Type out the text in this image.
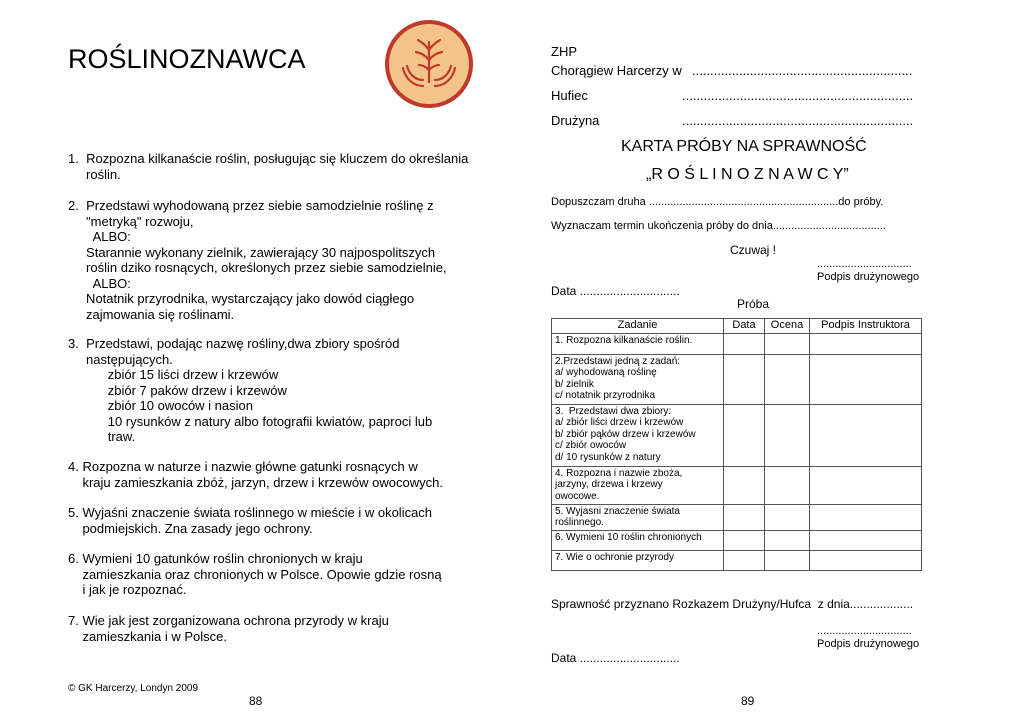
ROŚLINOZNAWCA
1.  Rozpozna kilkanaście roślin, posługując się kluczem do określania
roślin.
2.  Przedstawi wyhodowaną przez siebie samodzielnie roślinę z
"metryką" rozwoju,
ALBO:
Starannie wykonany zielnik, zawierający 30 najpospolitszych
roślin dziko rosnących, określonych przez siebie samodzielnie,
ALBO:
Notatnik przyrodnika, wystarczający jako dowód ciągłego
zajmowania się roślinami.
3.  Przedstawi, podając nazwę rośliny,dwa zbiory spośród
następujących.
zbiór 15 liści drzew i krzewów
zbiór 7 paków drzew i krzewów
zbiór 10 owoców i nasion
10 rysunków z natury albo fotografii kwiatów, paproci lub
traw.
4. Rozpozna w naturze i nazwie główne gatunki rosnących w
kraju zamieszkania zbóż, jarzyn, drzew i krzewów owocowych.
5. Wyjaśni znaczenie świata roślinnego w mieście i w okolicach
podmiejskich. Zna zasady jego ochrony.
6. Wymieni 10 gatunków roślin chronionych w kraju
zamieszkania oraz chronionych w Polsce. Opowie gdzie rosną
i jak je rozpoznać.
7. Wie jak jest zorganizowana ochrona przyrody w kraju
zamieszkania i w Polsce.
© GK Harcerzy, Londyn 2009
88
ZHP
Chorągiew Harcerzy w .............................................................
Hufiec	................................................................
Drużyna	................................................................
KARTA PRÓBY NA SPRAWNOŚĆ
„R O Ś L I N O Z N A W C Y”
Dopuszczam druha ..............................................................do próby.
Wyznaczam termin ukończenia próby do dnia.....................................
Czuwaj !
...............................
Podpis drużynowego
Data ..............................
Próba
Zadanie	Data	Ocena	Podpis Instruktora
1. Rozpozna kilkanaście roślin.			
2.Przedstawi jedną z zadań:
a/ wyhodowaną roślinę
b/ zielnik
c/ notatnik przyrodnika			
3.  Przedstawi dwa zbiory:
a/ zbiór liści drzew i krzewów
b/ zbiór pąków drzew i krzewów
c/ zbiór owoców
d/ 10 rysunków z natury			
4. Rozpozna i nazwie zboża,
jarzyny, drzewa i krzewy
owocowe.			
5. Wyjasni znaczenie świata
roślinnego.			
6. Wymieni 10 roślin chronionych			
7. Wie o ochronie przyrody			
Sprawność przyznano Rozkazem Drużyny/Hufca  z dnia...................
...............................
Podpis drużynowego
Data ..............................
89
